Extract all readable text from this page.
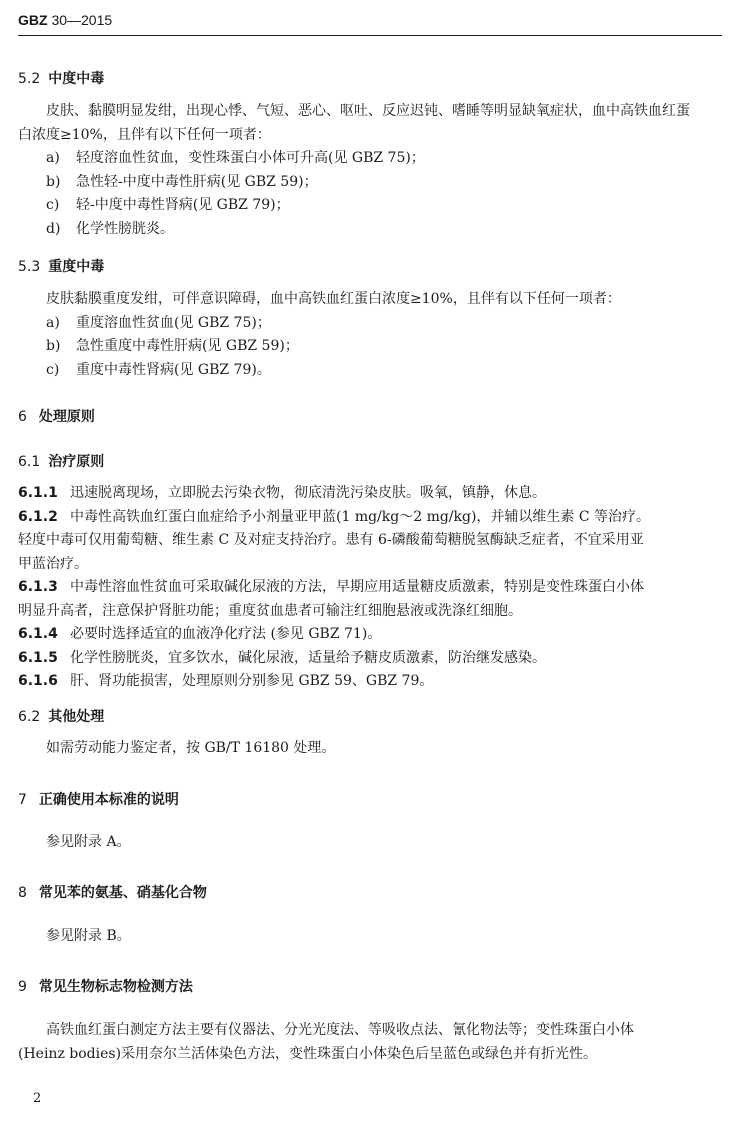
GBZ 30—2015
5.2 中度中毒
皮肤、黏膜明显发绀，出现心悸、气短、恶心、呕吐、反应迟钝、嗜睡等明显缺氧症状，血中高铁血红蛋
白浓度≥10%，且伴有以下任何一项者：
a) 轻度溶血性贫血，变性珠蛋白小体可升高(见 GBZ 75)；
b) 急性轻-中度中毒性肝病(见 GBZ 59)；
c) 轻-中度中毒性肾病(见 GBZ 79)；
d) 化学性膀胱炎。
5.3 重度中毒
皮肤黏膜重度发绀，可伴意识障碍，血中高铁血红蛋白浓度≥10%，且伴有以下任何一项者：
a) 重度溶血性贫血(见 GBZ 75)；
b) 急性重度中毒性肝病(见 GBZ 59)；
c) 重度中毒性肾病(见 GBZ 79)。
6 处理原则
6.1 治疗原则
6.1.1 迅速脱离现场，立即脱去污染衣物，彻底清洗污染皮肤。吸氧，镇静，休息。
6.1.2 中毒性高铁血红蛋白血症给予小剂量亚甲蓝(1 mg/kg～2 mg/kg)，并辅以维生素 C 等治疗。
轻度中毒可仅用葡萄糖、维生素 C 及对症支持治疗。患有 6-磷酸葡萄糖脱氢酶缺乏症者，不宜采用亚
甲蓝治疗。
6.1.3 中毒性溶血性贫血可采取碱化尿液的方法，早期应用适量糖皮质激素，特别是变性珠蛋白小体
明显升高者，注意保护肾脏功能；重度贫血患者可输注红细胞悬液或洗涤红细胞。
6.1.4 必要时选择适宜的血液净化疗法 (参见 GBZ 71)。
6.1.5 化学性膀胱炎，宜多饮水，碱化尿液，适量给予糖皮质激素，防治继发感染。
6.1.6 肝、肾功能损害，处理原则分别参见 GBZ 59、GBZ 79。
6.2 其他处理
如需劳动能力鉴定者，按 GB/T 16180 处理。
7 正确使用本标准的说明
参见附录 A。
8 常见苯的氨基、硝基化合物
参见附录 B。
9 常见生物标志物检测方法
高铁血红蛋白测定方法主要有仪器法、分光光度法、等吸收点法、氰化物法等；变性珠蛋白小体
(Heinz bodies)采用奈尔兰活体染色方法，变性珠蛋白小体染色后呈蓝色或绿色并有折光性。
2
